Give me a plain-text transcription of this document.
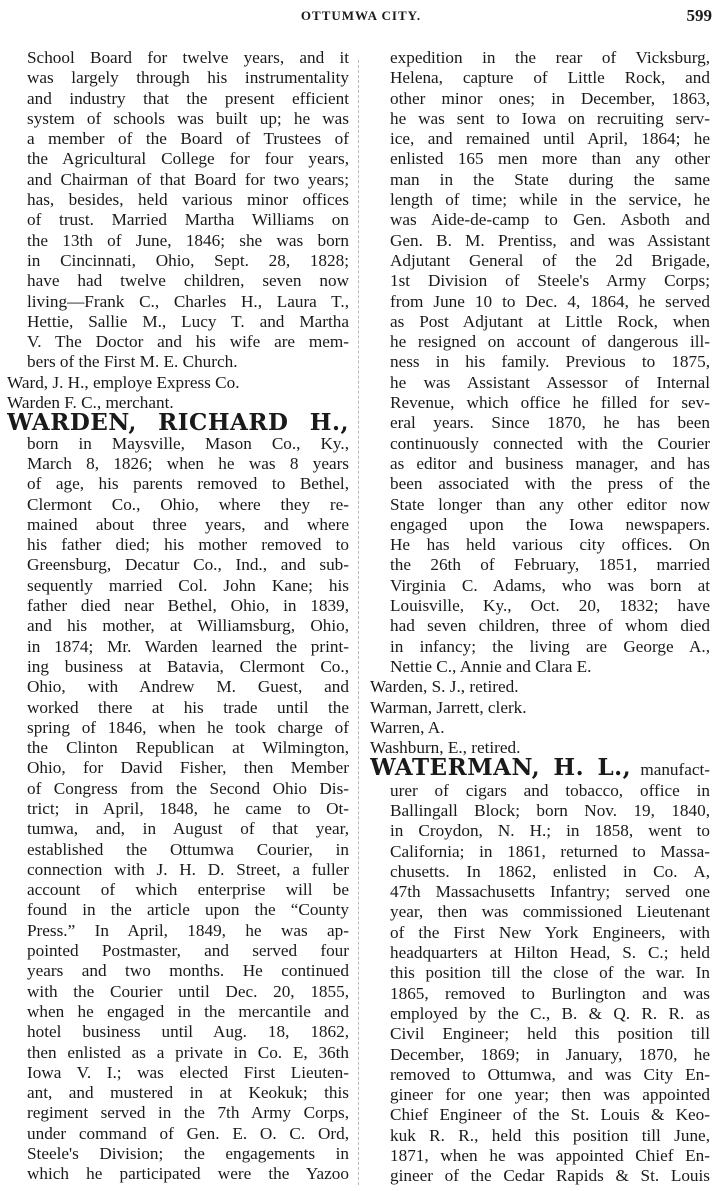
OTTUMWA CITY.	599
School Board for twelve years, and it
was largely through his instrumentality
and industry that the present efficient
system of schools was built up; he was
a member of the Board of Trustees of
the Agricultural College for four years,
and Chairman of that Board for two years;
has, besides, held various minor offices
of trust. Married Martha Williams on
the 13th of June, 1846; she was born
in Cincinnati, Ohio, Sept. 28, 1828;
have had twelve children, seven now
living—Frank C., Charles H., Laura T.,
Hettie, Sallie M., Lucy T. and Martha
V. The Doctor and his wife are mem-
bers of the First M. E. Church.
Ward, J. H., employe Express Co.
Warden F. C., merchant.
WARDEN, RICHARD H.,
born in Maysville, Mason Co., Ky.,
March 8, 1826; when he was 8 years
of age, his parents removed to Bethel,
Clermont Co., Ohio, where they re-
mained about three years, and where
his father died; his mother removed to
Greensburg, Decatur Co., Ind., and sub-
sequently married Col. John Kane; his
father died near Bethel, Ohio, in 1839,
and his mother, at Williamsburg, Ohio,
in 1874; Mr. Warden learned the print-
ing business at Batavia, Clermont Co.,
Ohio, with Andrew M. Guest, and
worked there at his trade until the
spring of 1846, when he took charge of
the Clinton Republican at Wilmington,
Ohio, for David Fisher, then Member
of Congress from the Second Ohio Dis-
trict; in April, 1848, he came to Ot-
tumwa, and, in August of that year,
established the Ottumwa Courier, in
connection with J. H. D. Street, a fuller
account of which enterprise will be
found in the article upon the “County
Press.” In April, 1849, he was ap-
pointed Postmaster, and served four
years and two months. He continued
with the Courier until Dec. 20, 1855,
when he engaged in the mercantile and
hotel business until Aug. 18, 1862,
then enlisted as a private in Co. E, 36th
Iowa V. I.; was elected First Lieuten-
ant, and mustered in at Keokuk; this
regiment served in the 7th Army Corps,
under command of Gen. E. O. C. Ord,
Steele's Division; the engagements in
which he participated were the Yazoo
expedition in the rear of Vicksburg,
Helena, capture of Little Rock, and
other minor ones; in December, 1863,
he was sent to Iowa on recruiting serv-
ice, and remained until April, 1864; he
enlisted 165 men more than any other
man in the State during the same
length of time; while in the service, he
was Aide-de-camp to Gen. Asboth and
Gen. B. M. Prentiss, and was Assistant
Adjutant General of the 2d Brigade,
1st Division of Steele's Army Corps;
from June 10 to Dec. 4, 1864, he served
as Post Adjutant at Little Rock, when
he resigned on account of dangerous ill-
ness in his family. Previous to 1875,
he was Assistant Assessor of Internal
Revenue, which office he filled for sev-
eral years. Since 1870, he has been
continuously connected with the Courier
as editor and business manager, and has
been associated with the press of the
State longer than any other editor now
engaged upon the Iowa newspapers.
He has held various city offices. On
the 26th of February, 1851, married
Virginia C. Adams, who was born at
Louisville, Ky., Oct. 20, 1832; have
had seven children, three of whom died
in infancy; the living are George A.,
Nettie C., Annie and Clara E.
Warden, S. J., retired.
Warman, Jarrett, clerk.
Warren, A.
Washburn, E., retired.
WATERMAN, H. L., manufact-
urer of cigars and tobacco, office in
Ballingall Block; born Nov. 19, 1840,
in Croydon, N. H.; in 1858, went to
California; in 1861, returned to Massa-
chusetts. In 1862, enlisted in Co. A,
47th Massachusetts Infantry; served one
year, then was commissioned Lieutenant
of the First New York Engineers, with
headquarters at Hilton Head, S. C.; held
this position till the close of the war. In
1865, removed to Burlington and was
employed by the C., B. & Q. R. R. as
Civil Engineer; held this position till
December, 1869; in January, 1870, he
removed to Ottumwa, and was City En-
gineer for one year; then was appointed
Chief Engineer of the St. Louis & Keo-
kuk R. R., held this position till June,
1871, when he was appointed Chief En-
gineer of the Cedar Rapids & St. Louis
